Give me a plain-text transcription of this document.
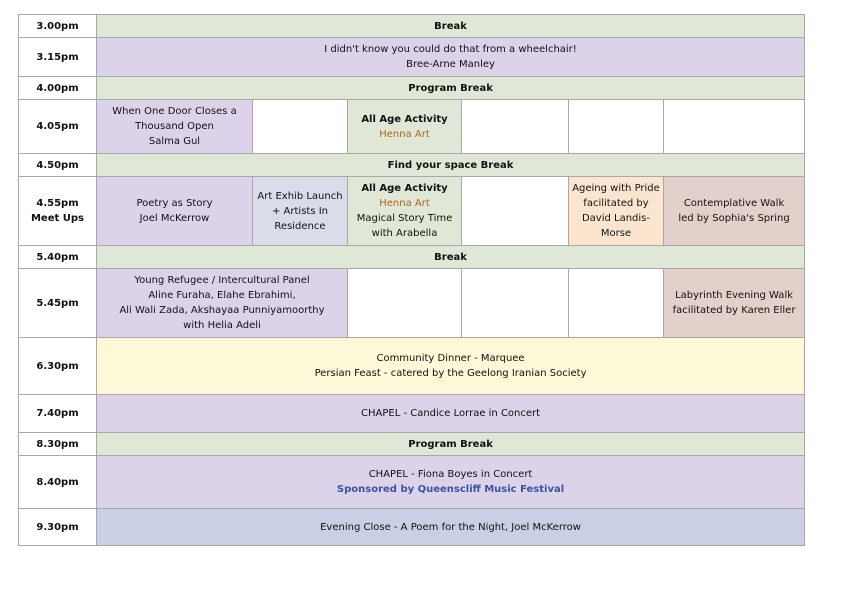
3.00pm	Break					
3.15pm	I didn't know you could do that from a wheelchair!
Bree-Arne Manley					

4.00pm	Program Break					
4.05pm	When One Door Closes a
Thousand Open
Salma Gul		All Age Activity
Henna Art			

4.50pm	Find your space Break					

4.55pm
Meet Ups	Poetry as Story
Joel McKerrow	Art Exhib Launch
+ Artists In
Residence	All Age Activity
Henna Art
Magical Story Time
with Arabella		Ageing with Pride
facilitated by
David Landis-
Morse	Contemplative Walk
led by Sophia's Spring

5.40pm	Break					
5.45pm	Young Refugee / Intercultural Panel
Aline Furaha, Elahe Ebrahimi,
Ali Wali Zada, Akshayaa Punniyamoorthy
with Helia Adeli					Labyrinth Evening Walk
facilitated by Karen Eller

6.30pm	Community Dinner - Marquee
Persian Feast - catered by the Geelong Iranian Society					

7.40pm	CHAPEL - Candice Lorrae in Concert					
8.30pm	Program Break					
8.40pm	CHAPEL - Fiona Boyes in Concert
Sponsored by Queenscliff Music Festival					

9.30pm	Evening Close - A Poem for the Night, Joel McKerrow					
